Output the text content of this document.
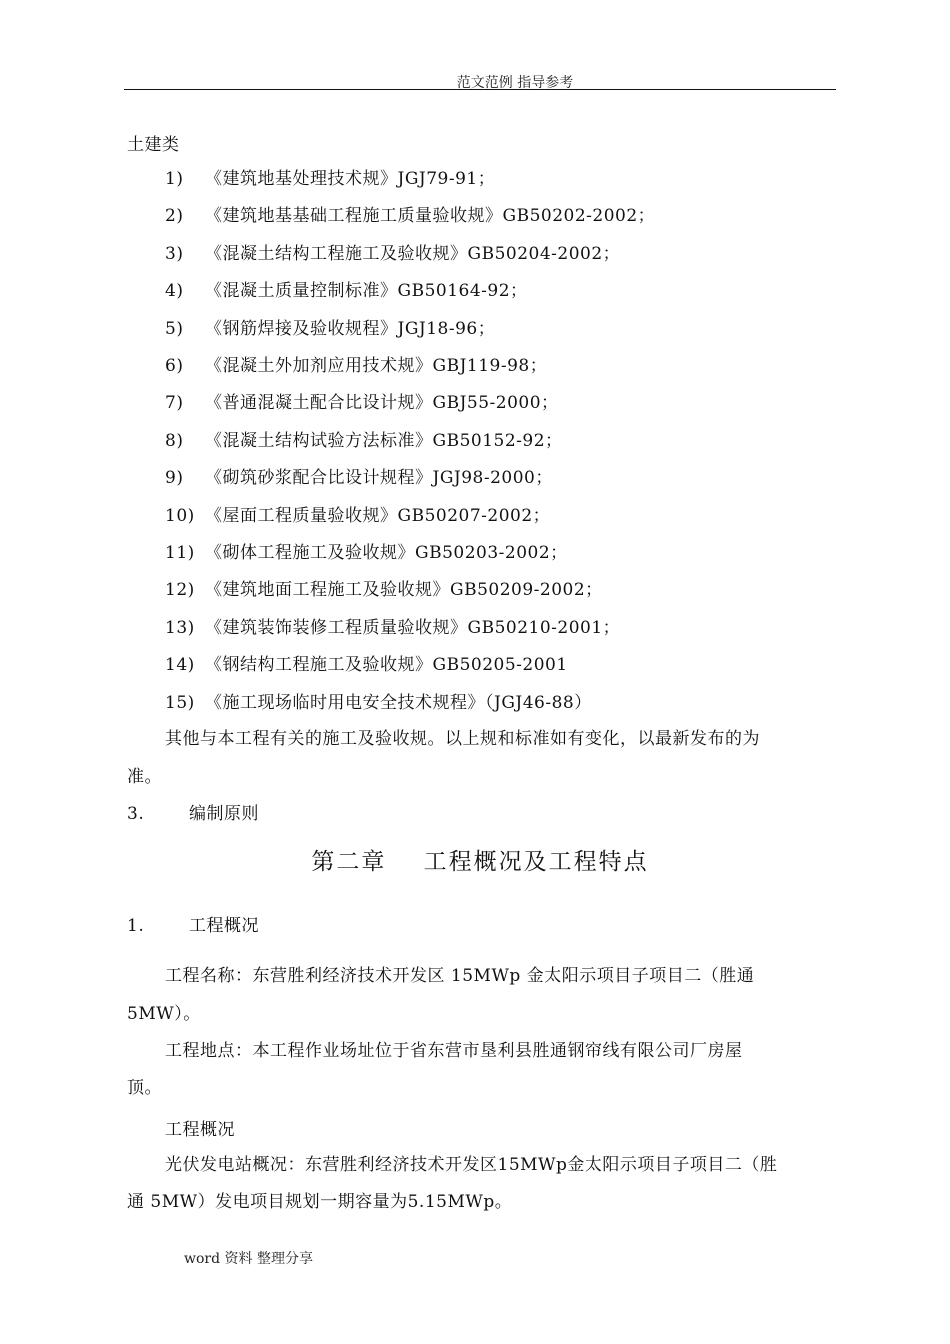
范文范例 指导参考
土建类
1) 《建筑地基处理技术规》JGJ79-91；
2) 《建筑地基基础工程施工质量验收规》GB50202-2002；
3) 《混凝土结构工程施工及验收规》GB50204-2002；
4) 《混凝土质量控制标准》GB50164-92；
5) 《钢筋焊接及验收规程》JGJ18-96；
6) 《混凝土外加剂应用技术规》GBJ119-98；
7) 《普通混凝土配合比设计规》GBJ55-2000；
8) 《混凝土结构试验方法标准》GB50152-92；
9) 《砌筑砂浆配合比设计规程》JGJ98-2000；
10) 《屋面工程质量验收规》GB50207-2002；
11) 《砌体工程施工及验收规》GB50203-2002；
12) 《建筑地面工程施工及验收规》GB50209-2002；
13) 《建筑装饰装修工程质量验收规》GB50210-2001；
14) 《钢结构工程施工及验收规》GB50205-2001
15) 《施工现场临时用电安全技术规程》（JGJ46-88）
其他与本工程有关的施工及验收规。以上规和标准如有变化，以最新发布的为
准。
3.	编制原则
第二章    工程概况及工程特点
1.	工程概况
工程名称：东营胜利经济技术开发区 15MWp 金太阳示项目子项目二（胜通
5MW）。
工程地点：本工程作业场址位于省东营市垦利县胜通钢帘线有限公司厂房屋
顶。
工程概况
光伏发电站概况：东营胜利经济技术开发区15MWp金太阳示项目子项目二（胜
通 5MW）发电项目规划一期容量为5.15MWp。
word 资料 整理分享
